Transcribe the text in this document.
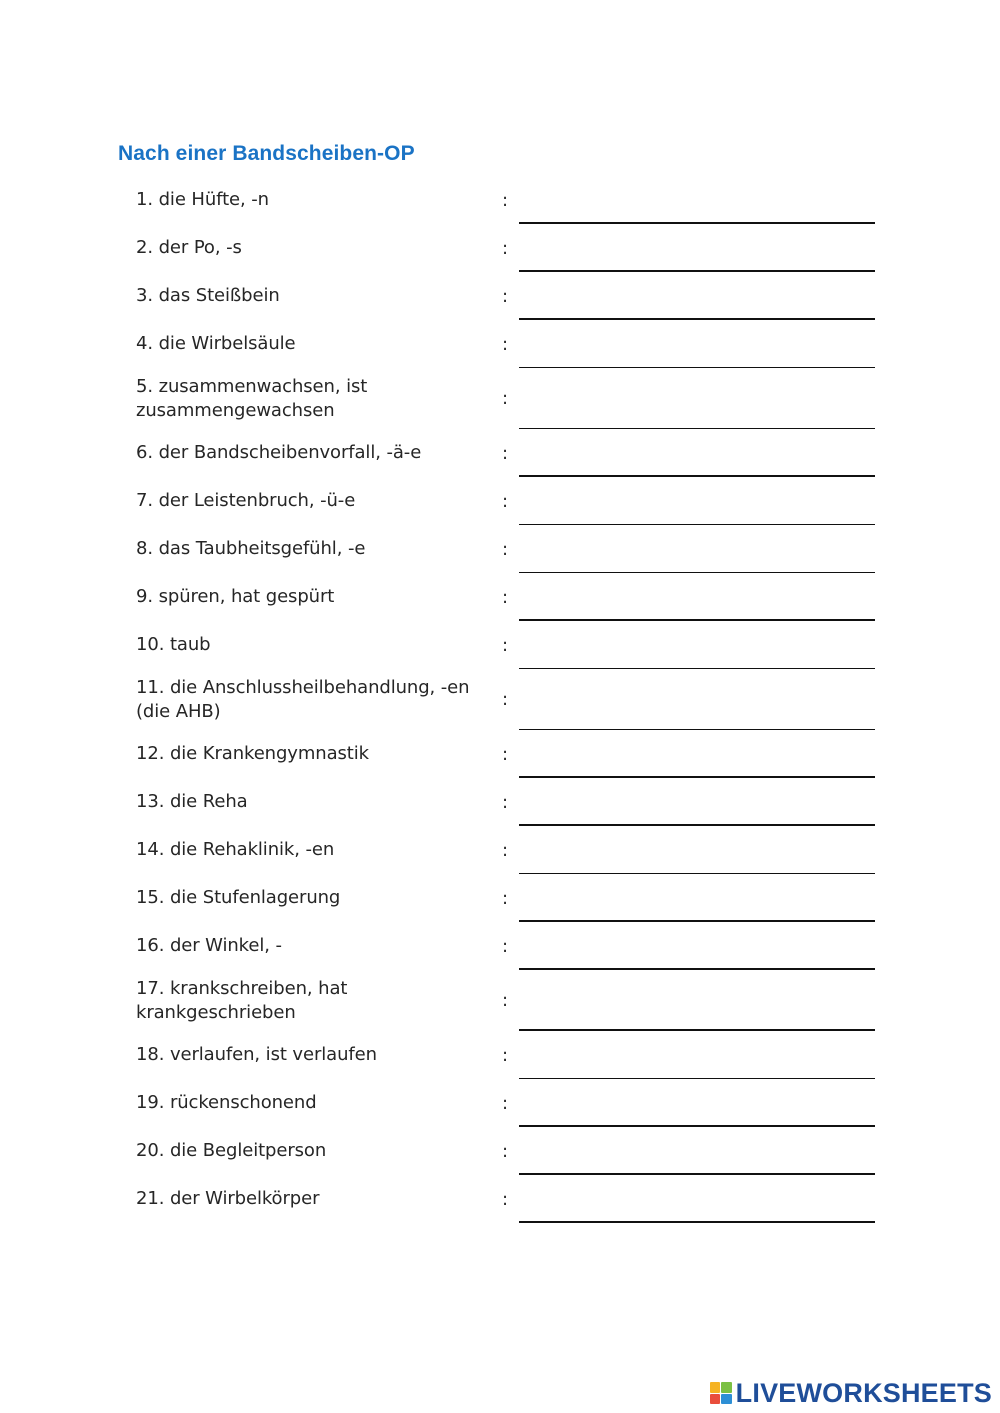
Nach einer Bandscheiben-OP
1. die Hüfte, -n	:
2. der Po, -s	:
3. das Steißbein	:
4. die Wirbelsäule	:
5. zusammenwachsen, ist zusammengewachsen
:
6. der Bandscheibenvorfall, -ä-e	:
7. der Leistenbruch, -ü-e	:
8. das Taubheitsgefühl, -e	:
9. spüren, hat gespürt	:
10. taub	:
11. die Anschlussheilbehandlung, -en (die AHB)
:
12. die Krankengymnastik	:
13. die Reha	:
14. die Rehaklinik, -en	:
15. die Stufenlagerung	:
16. der Winkel, -	:
17. krankschreiben, hat krankgeschrieben
:
18. verlaufen, ist verlaufen	:
19. rückenschonend	:
20. die Begleitperson	:
21. der Wirbelkörper	:
LIVEWORKSHEETS
